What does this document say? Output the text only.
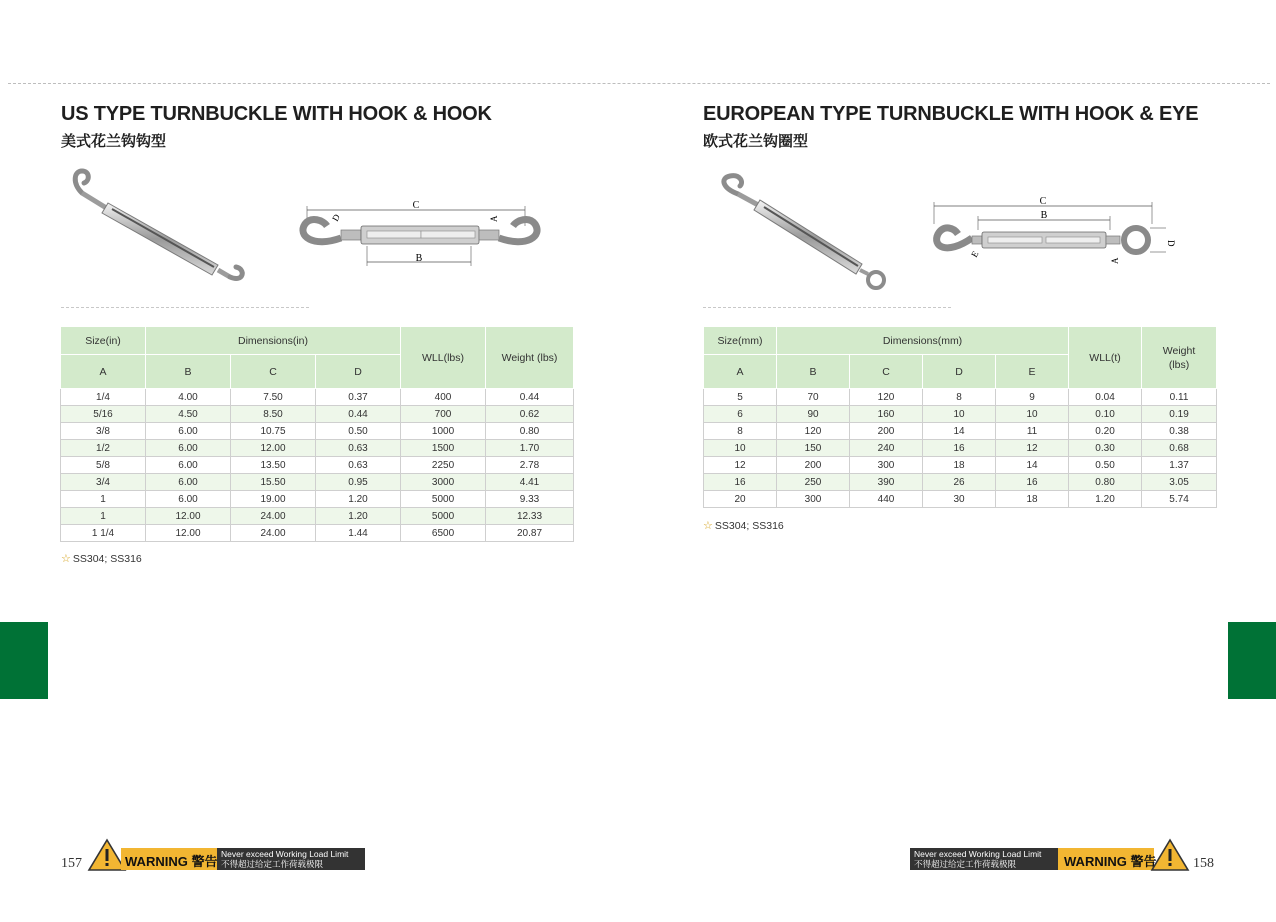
US TYPE TURNBUCKLE WITH HOOK & HOOK
美式花兰钩钩型
C
A
D
B
Size(in)	Dimensions(in)			WLL(lbs)	Weight (lbs)
A	B	C	D		
1/4	4.00	7.50	0.37	400	0.44
5/16	4.50	8.50	0.44	700	0.62
3/8	6.00	10.75	0.50	1000	0.80
1/2	6.00	12.00	0.63	1500	1.70
5/8	6.00	13.50	0.63	2250	2.78
3/4	6.00	15.50	0.95	3000	4.41
1	6.00	19.00	1.20	5000	9.33
1	12.00	24.00	1.20	5000	12.33
1 1/4	12.00	24.00	1.44	6500	20.87
☆ SS304; SS316
157	WARNING 警告 Never exceed Working Load Limit
不得超过给定工作荷载极限
EUROPEAN TYPE TURNBUCKLE WITH HOOK & EYE
欧式花兰钩圈型
C
B
D
A
E
Size(mm)	Dimensions(mm)				WLL(t)	Weight (lbs)
A	B	C	D	E		
5	70	120	8	9	0.04	0.11
6	90	160	10	10	0.10	0.19
8	120	200	14	11	0.20	0.38
10	150	240	16	12	0.30	0.68
12	200	300	18	14	0.50	1.37
16	250	390	26	16	0.80	3.05
20	300	440	30	18	1.20	5.74
☆ SS304; SS316
Never exceed Working Load Limit
不得超过给定工作荷载极限	WARNING 警告	158
